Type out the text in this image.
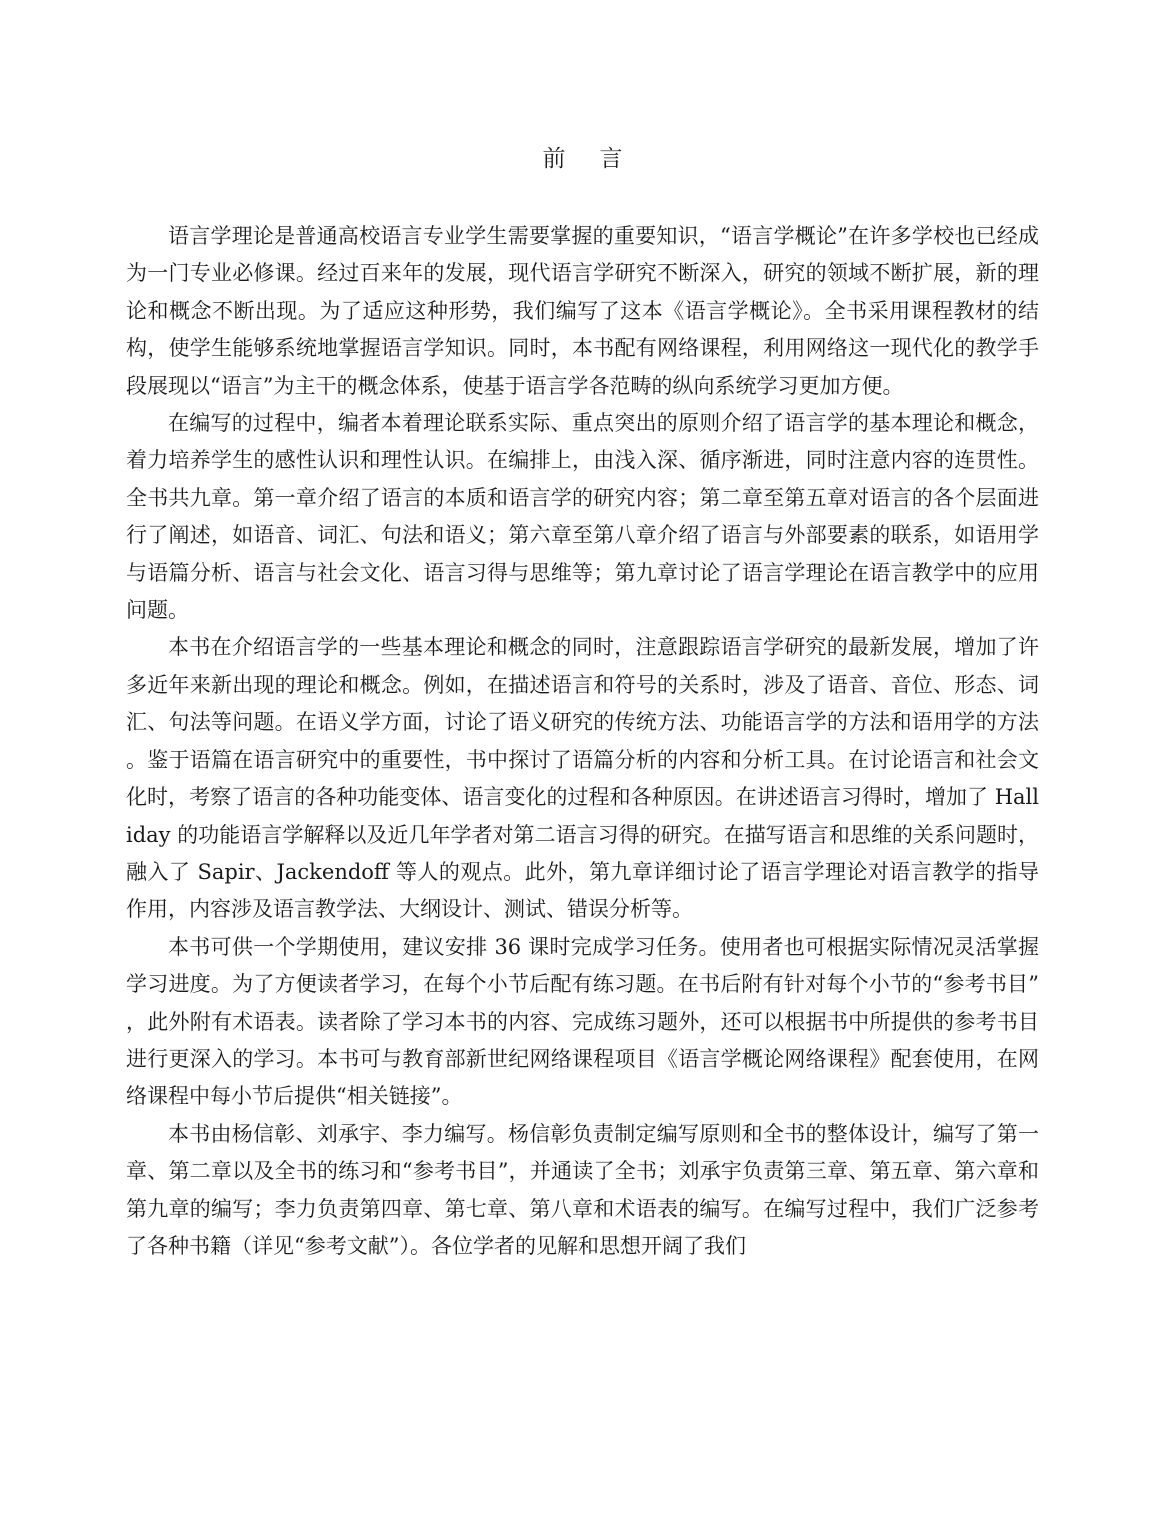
前言

语言学理论是普通高校语言专业学生需要掌握的重要知识，“语言学概论”在许多学校也已经成为一门专业必修课。经过百来年的发展，现代语言学研究不断深入，研究的领域不断扩展，新的理论和概念不断出现。为了适应这种形势，我们编写了这本《语言学概论》。全书采用课程教材的结构，使学生能够系统地掌握语言学知识。同时，本书配有网络课程，利用网络这一现代化的教学手段展现以“语言”为主干的概念体系，使基于语言学各范畴的纵向系统学习更加方便。

在编写的过程中，编者本着理论联系实际、重点突出的原则介绍了语言学的基本理论和概念，着力培养学生的感性认识和理性认识。在编排上，由浅入深、循序渐进，同时注意内容的连贯性。全书共九章。第一章介绍了语言的本质和语言学的研究内容；第二章至第五章对语言的各个层面进行了阐述，如语音、词汇、句法和语义；第六章至第八章介绍了语言与外部要素的联系，如语用学与语篇分析、语言与社会文化、语言习得与思维等；第九章讨论了语言学理论在语言教学中的应用问题。

本书在介绍语言学的一些基本理论和概念的同时，注意跟踪语言学研究的最新发展，增加了许多近年来新出现的理论和概念。例如，在描述语言和符号的关系时，涉及了语音、音位、形态、词汇、句法等问题。在语义学方面，讨论了语义研究的传统方法、功能语言学的方法和语用学的方法。鉴于语篇在语言研究中的重要性，书中探讨了语篇分析的内容和分析工具。在讨论语言和社会文化时，考察了语言的各种功能变体、语言变化的过程和各种原因。在讲述语言习得时，增加了 Halliday 的功能语言学解释以及近几年学者对第二语言习得的研究。在描写语言和思维的关系问题时，融入了 Sapir、Jackendoff 等人的观点。此外，第九章详细讨论了语言学理论对语言教学的指导作用，内容涉及语言教学法、大纲设计、测试、错误分析等。

本书可供一个学期使用，建议安排 36 课时完成学习任务。使用者也可根据实际情况灵活掌握学习进度。为了方便读者学习，在每个小节后配有练习题。在书后附有针对每个小节的“参考书目”，此外附有术语表。读者除了学习本书的内容、完成练习题外，还可以根据书中所提供的参考书目进行更深入的学习。本书可与教育部新世纪网络课程项目《语言学概论网络课程》配套使用，在网络课程中每小节后提供“相关链接”。

本书由杨信彰、刘承宇、李力编写。杨信彰负责制定编写原则和全书的整体设计，编写了第一章、第二章以及全书的练习和“参考书目”，并通读了全书；刘承宇负责第三章、第五章、第六章和第九章的编写；李力负责第四章、第七章、第八章和术语表的编写。在编写过程中，我们广泛参考了各种书籍（详见“参考文献”）。各位学者的见解和思想开阔了我们
